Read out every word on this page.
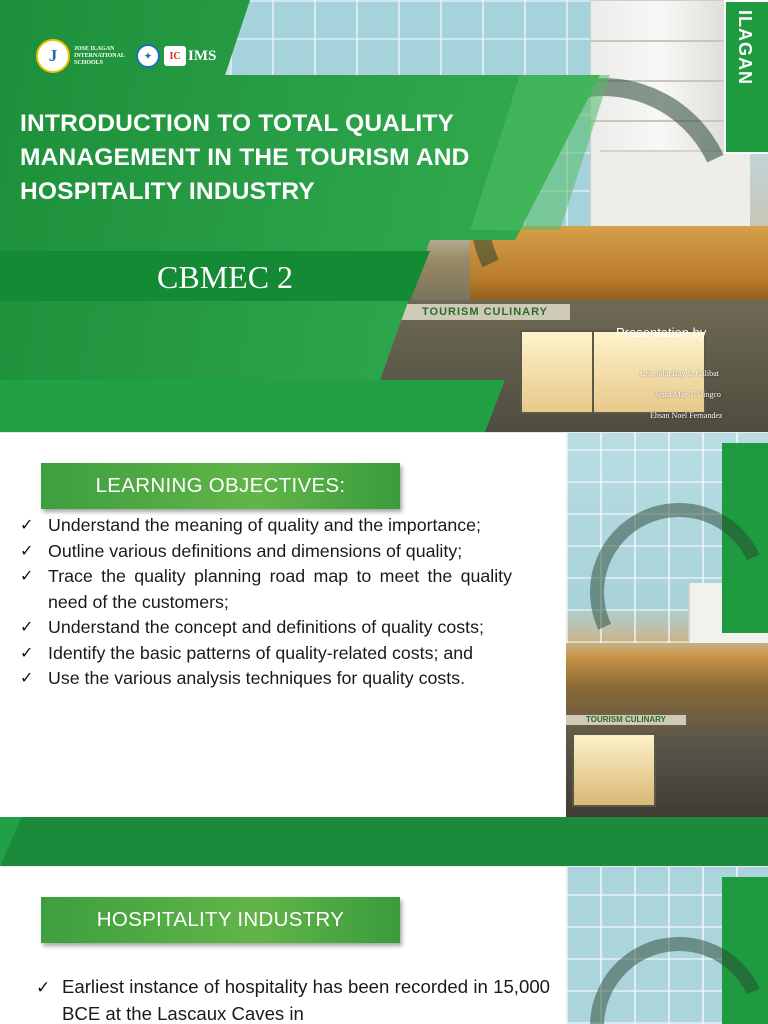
ILAGAN
TOURISM CULINARY
J	JOSE ILAGAN
INTERNATIONAL
SCHOOLS
✦	IC IMS
INTRODUCTION TO TOTAL QUALITY MANAGEMENT IN THE TOURISM AND HOSPITALITY INDUSTRY

CBMEC 2

Presentation by
Cris John Ray S. Calibat
Jessa Mae T. Bingco
Ehsan Noel Fernandez
TOURISM CULINARY
LEARNING OBJECTIVES:
✓ Understand the meaning of quality and the importance;
✓ Outline various definitions and dimensions of quality;
✓ Trace the quality planning road map to meet the quality need of the customers;
✓ Understand the concept and definitions of quality costs;
✓ Identify the basic patterns of quality-related costs; and
✓ Use the various analysis techniques for quality costs.
HOSPITALITY INDUSTRY

✓ Earliest instance of hospitality has been recorded in 15,000 BCE at the Lascaux Caves in
